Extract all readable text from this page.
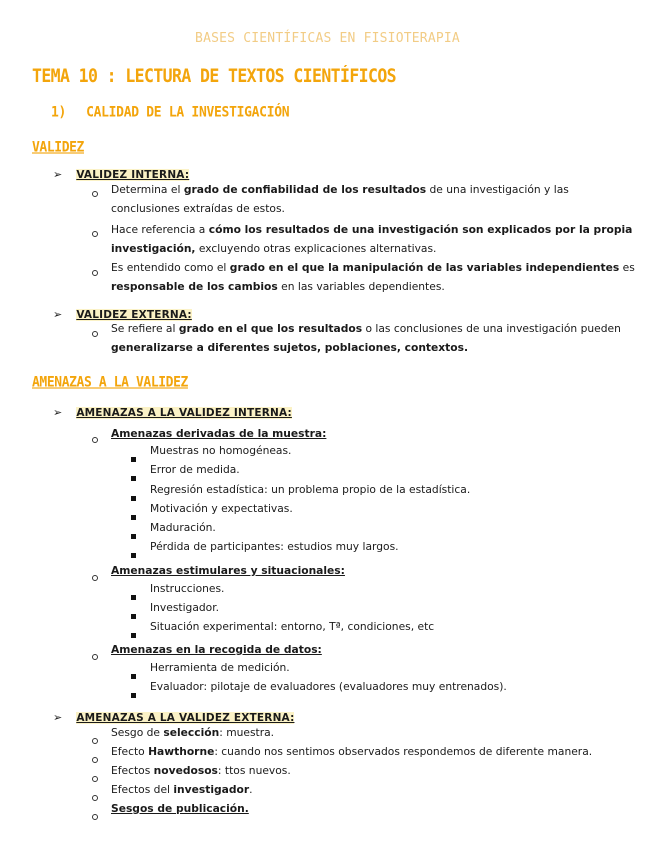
BASES CIENTÍFICAS EN FISIOTERAPIA
TEMA 10 : LECTURA DE TEXTOS CIENTÍFICOS
1) CALIDAD DE LA INVESTIGACIÓN
VALIDEZ
➢ VALIDEZ INTERNA:
Determina el grado de confiabilidad de los resultados de una investigación y las
conclusiones extraídas de estos.
Hace referencia a cómo los resultados de una investigación son explicados por la propia
investigación, excluyendo otras explicaciones alternativas.
Es entendido como el grado en el que la manipulación de las variables independientes es
responsable de los cambios en las variables dependientes.
➢ VALIDEZ EXTERNA:
Se refiere al grado en el que los resultados o las conclusiones de una investigación pueden
generalizarse a diferentes sujetos, poblaciones, contextos.
AMENAZAS A LA VALIDEZ
➢ AMENAZAS A LA VALIDEZ INTERNA:
Amenazas derivadas de la muestra:
Muestras no homogéneas.
Error de medida.
Regresión estadística: un problema propio de la estadística.
Motivación y expectativas.
Maduración.
Pérdida de participantes: estudios muy largos.
Amenazas estimulares y situacionales:
Instrucciones.
Investigador.
Situación experimental: entorno, Tª, condiciones, etc
Amenazas en la recogida de datos:
Herramienta de medición.
Evaluador: pilotaje de evaluadores (evaluadores muy entrenados).
➢ AMENAZAS A LA VALIDEZ EXTERNA:
Sesgo de selección: muestra.
Efecto Hawthorne: cuando nos sentimos observados respondemos de diferente manera.
Efectos novedosos: ttos nuevos.
Efectos del investigador.
Sesgos de publicación.
